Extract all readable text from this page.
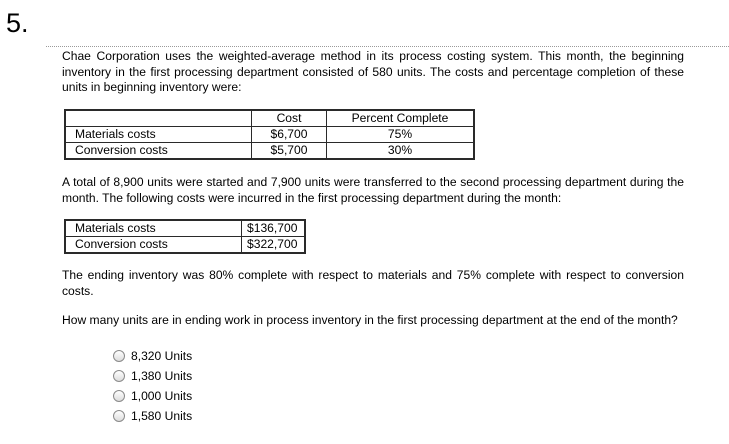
5.
Chae Corporation uses the weighted-average method in its process costing system. This month, the beginning inventory in the first processing department consisted of 580 units. The costs and percentage completion of these units in beginning inventory were:
	Cost	Percent Complete
Materials costs	$6,700	75%
Conversion costs	$5,700	30%
A total of 8,900 units were started and 7,900 units were transferred to the second processing department during the month. The following costs were incurred in the first processing department during the month:
Materials costs	$136,700
Conversion costs	$322,700
The ending inventory was 80% complete with respect to materials and 75% complete with respect to conversion costs.
How many units are in ending work in process inventory in the first processing department at the end of the month?
8,320 Units
1,380 Units
1,000 Units
1,580 Units
